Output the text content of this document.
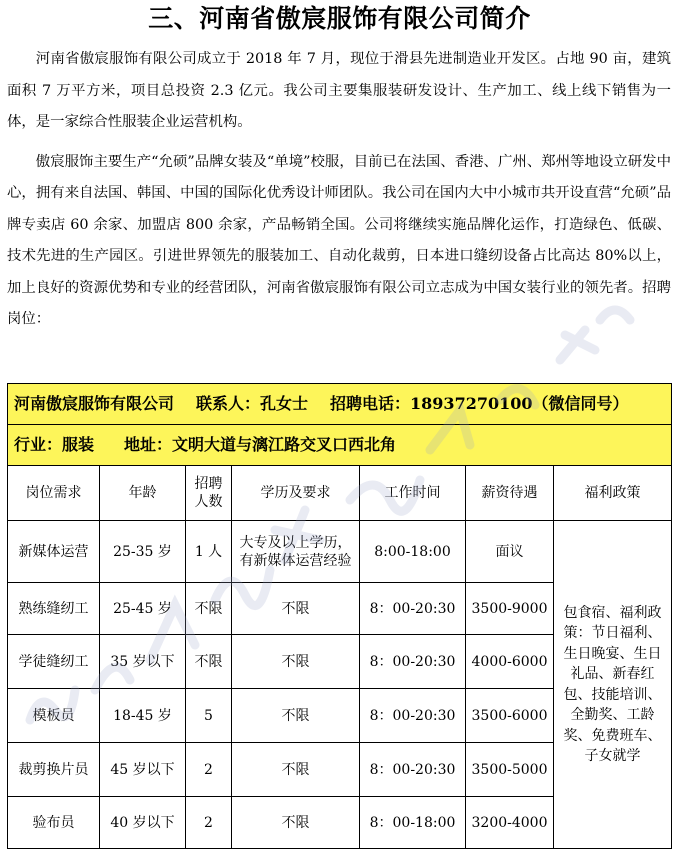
三、河南省傲宸服饰有限公司简介

河南省傲宸服饰有限公司成立于 2018 年 7 月，现位于滑县先进制造业开发区。占地 90 亩，建筑面积 7 万平方米，项目总投资 2.3 亿元。我公司主要集服装研发设计、生产加工、线上线下销售为一体，是一家综合性服装企业运营机构。

傲宸服饰主要生产“允硕”品牌女装及“单境”校服，目前已在法国、香港、广州、郑州等地设立研发中心，拥有来自法国、韩国、中国的国际化优秀设计师团队。我公司在国内大中小城市共开设直营“允硕”品牌专卖店 60 余家、加盟店 800 余家，产品畅销全国。公司将继续实施品牌化运作，打造绿色、低碳、技术先进的生产园区。引进世界领先的服装加工、自动化裁剪，日本进口缝纫设备占比高达 80%以上，加上良好的资源优势和专业的经营团队，河南省傲宸服饰有限公司立志成为中国女装行业的领先者。招聘岗位：

河南傲宸服饰有限公司 联系人：孔女士 招聘电话：18937270100（微信同号）						
行业：服装 地址：文明大道与漓江路交叉口西北角						
岗位需求	年龄	招聘人数	学历及要求	工作时间	薪资待遇	福利政策
新媒体运营	25-35 岁	1 人	大专及以上学历，有新媒体运营经验	8:00-18:00	面议	包食宿、福利政策：节日福利、生日晚宴、生日礼品、新春红包、技能培训、全勤奖、工龄奖、免费班车、子女就学
熟练缝纫工	25-45 岁	不限	不限	8：00-20:30	3500-9000	
学徒缝纫工	35 岁以下	不限	不限	8：00-20:30	4000-6000	
模板员	18-45 岁	5	不限	8：00-20:30	3500-6000	
裁剪换片员	45 岁以下	2	不限	8：00-20:30	3500-5000	
验布员	40 岁以下	2	不限	8：00-18:00	3200-4000	
